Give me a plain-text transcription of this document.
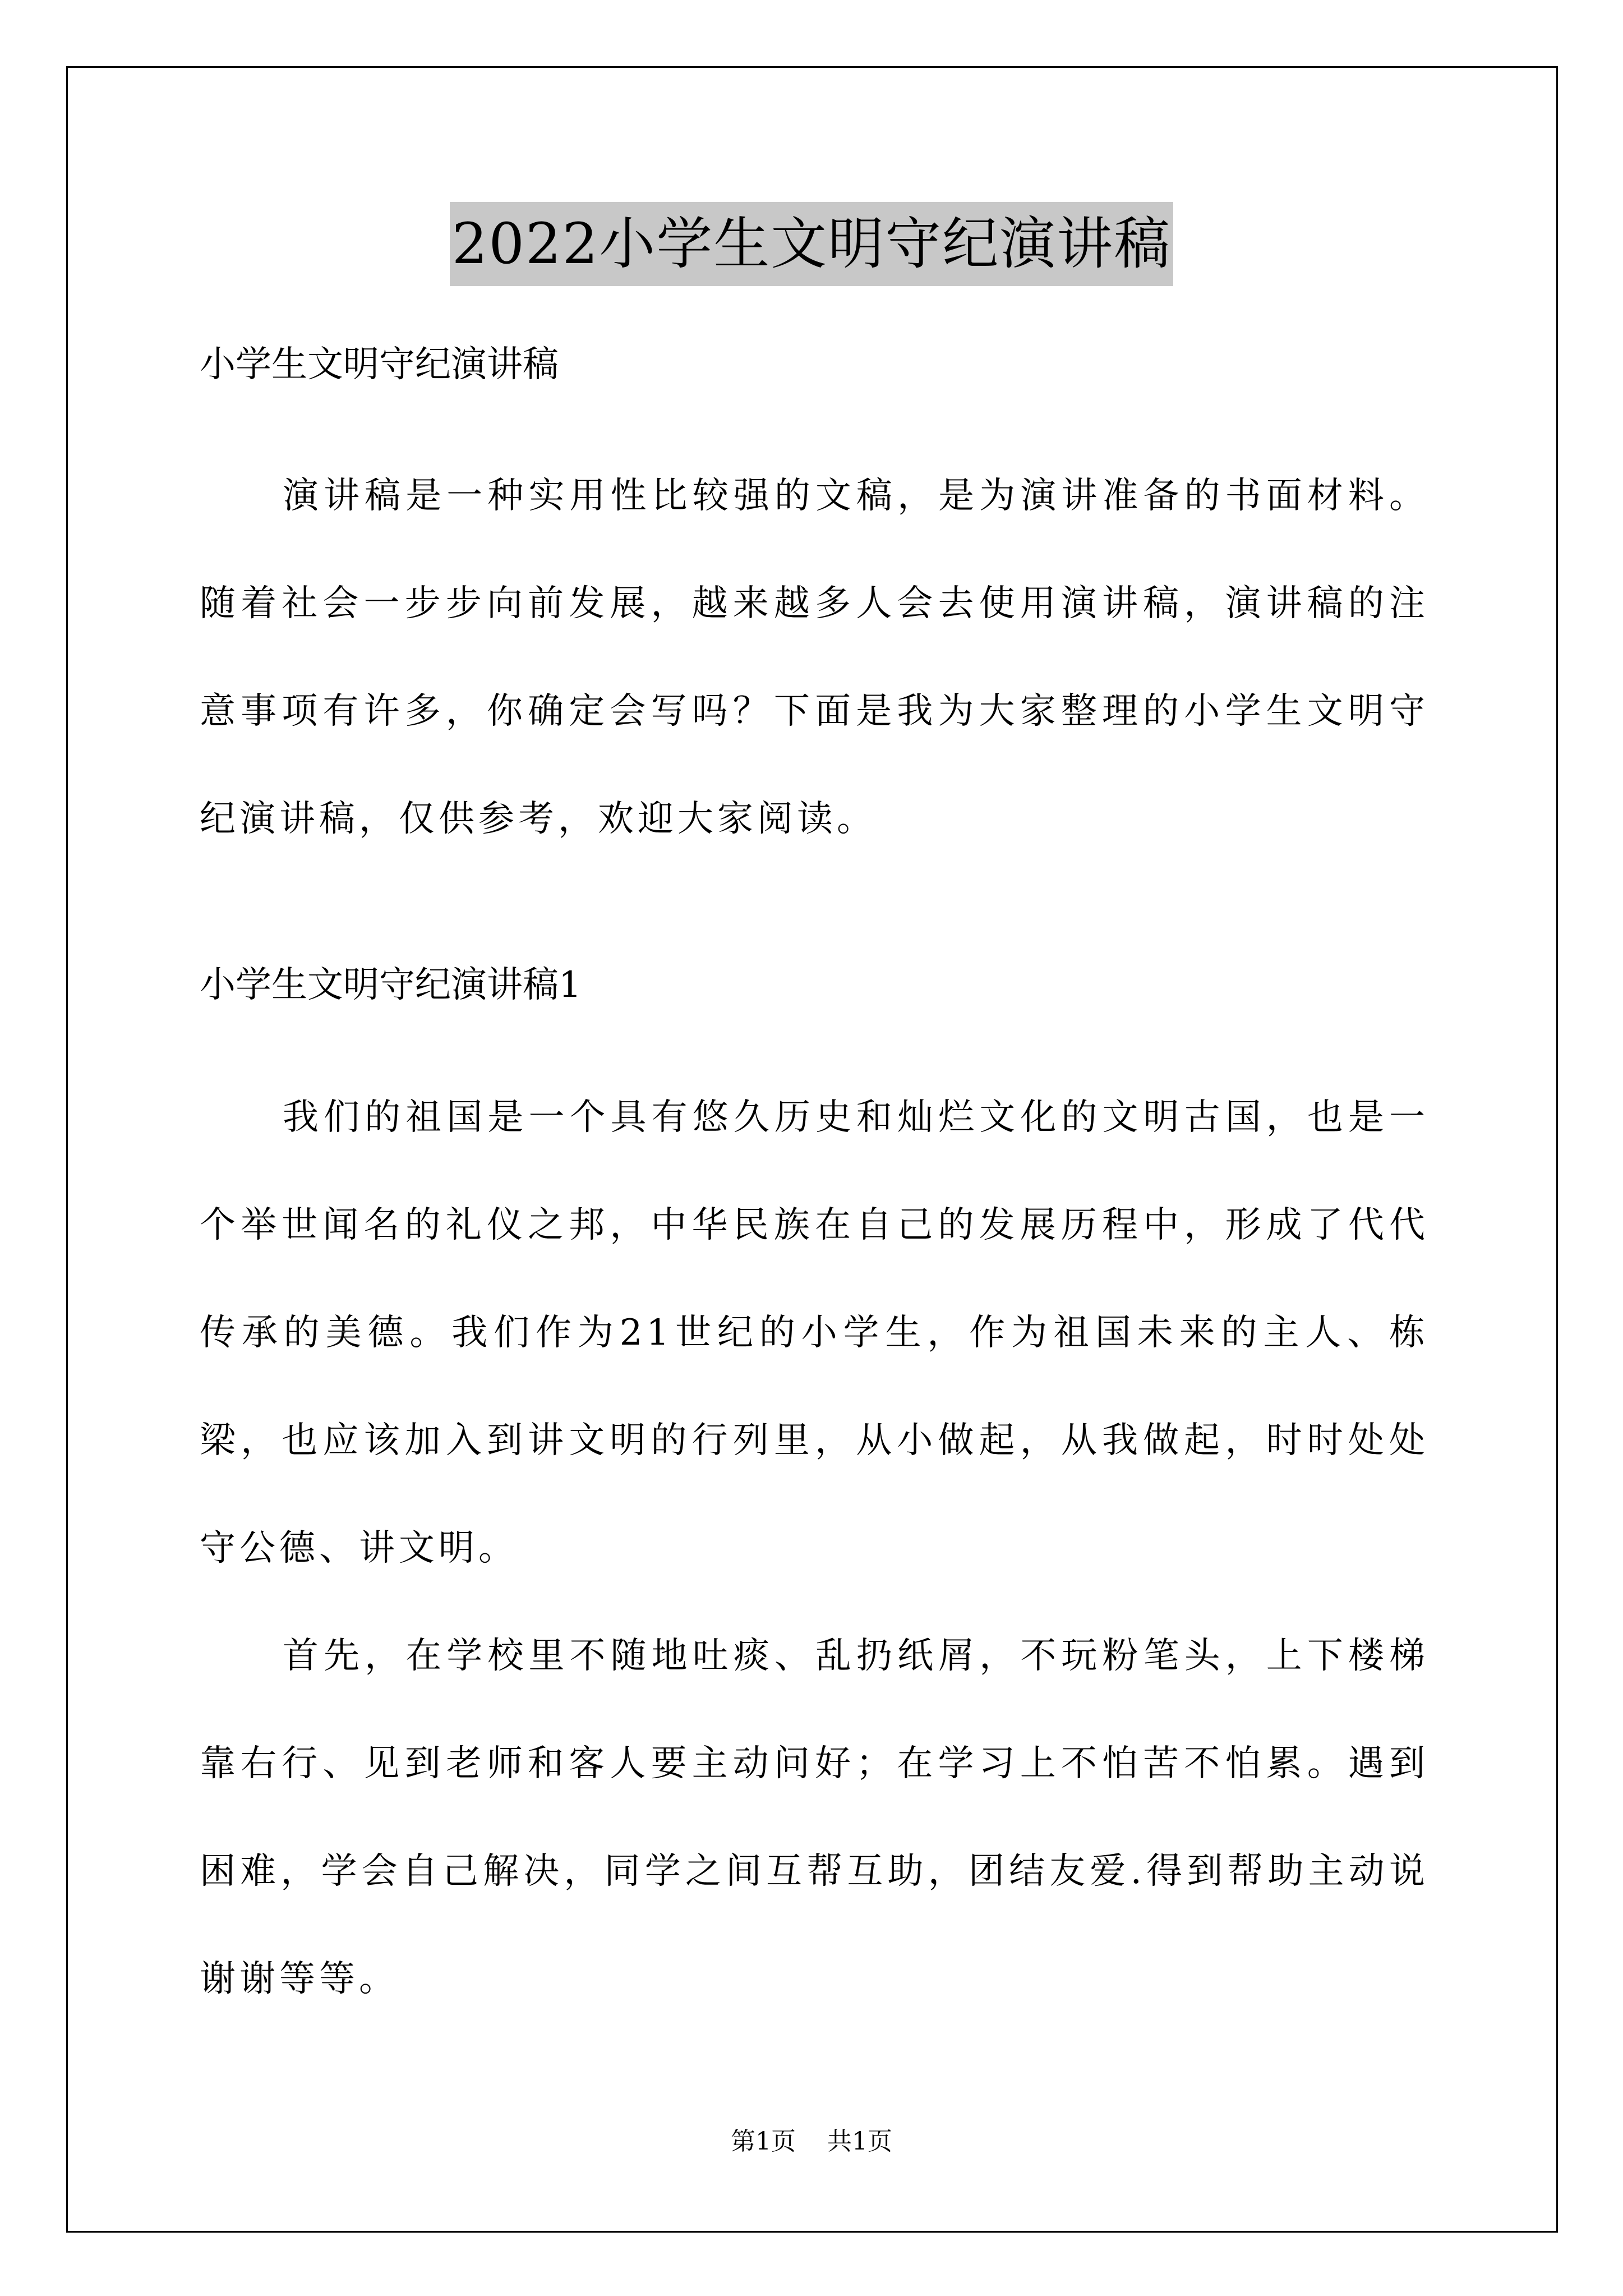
2022小学生文明守纪演讲稿

小学生文明守纪演讲稿

演讲稿是一种实用性比较强的文稿，是为演讲准备的书面材料。随着社会一步步向前发展，越来越多人会去使用演讲稿，演讲稿的注意事项有许多，你确定会写吗？下面是我为大家整理的小学生文明守纪演讲稿，仅供参考，欢迎大家阅读。

小学生文明守纪演讲稿1

我们的祖国是一个具有悠久历史和灿烂文化的文明古国，也是一个举世闻名的礼仪之邦，中华民族在自己的发展历程中，形成了代代传承的美德。我们作为21世纪的小学生，作为祖国未来的主人、栋梁，也应该加入到讲文明的行列里，从小做起，从我做起，时时处处守公德、讲文明。

首先，在学校里不随地吐痰、乱扔纸屑，不玩粉笔头，上下楼梯靠右行、见到老师和客人要主动问好；在学习上不怕苦不怕累。遇到困难，学会自己解决，同学之间互帮互助，团结友爱.得到帮助主动说谢谢等等。

第1页 共1页
